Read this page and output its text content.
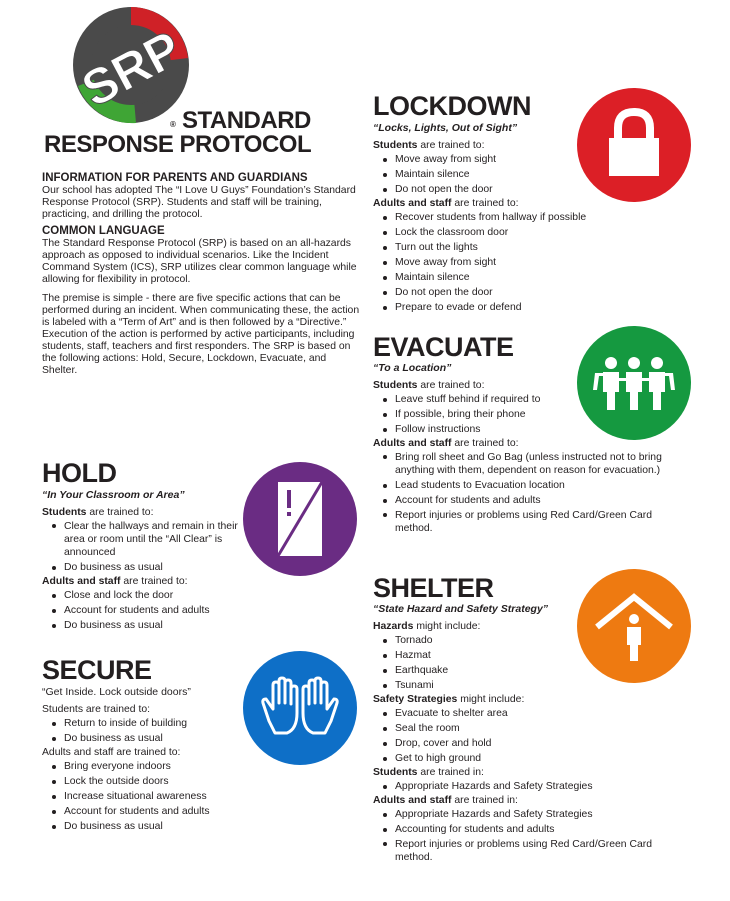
SRP
® STANDARD
RESPONSE PROTOCOL

INFORMATION FOR PARENTS AND GUARDIANS

Our school has adopted The “I Love U Guys” Foundation’s Standard Response Protocol (SRP). Students and staff will be training, practicing, and drilling the protocol.

COMMON LANGUAGE

The Standard Response Protocol (SRP) is based on an all-hazards approach as opposed to individual scenarios. Like the Incident Command System (ICS), SRP utilizes clear common language while allowing for flexibility in protocol.

The premise is simple - there are five specific actions that can be performed during an incident. When communicating these, the action is labeled with a “Term of Art” and is then followed by a “Directive.” Execution of the action is performed by active participants, including students, staff, teachers and first responders. The SRP is based on the following actions: Hold, Secure, Lockdown, Evacuate, and Shelter.

HOLD
“In Your Classroom or Area”

Students are trained to:

Clear the hallways and remain in their area or room until the “All Clear” is announced
Do business as usual

Adults and staff are trained to:

Close and lock the door
Account for students and adults
Do business as usual
SECURE
“Get Inside. Lock outside doors”

Students are trained to:

Return to inside of building
Do business as usual

Adults and staff are trained to:

Bring everyone indoors
Lock the outside doors
Increase situational awareness
Account for students and adults
Do business as usual
LOCKDOWN
“Locks, Lights, Out of Sight”

Students are trained to:

Move away from sight
Maintain silence
Do not open the door

Adults and staff are trained to:

Recover students from hallway if possible
Lock the classroom door
Turn out the lights
Move away from sight
Maintain silence
Do not open the door
Prepare to evade or defend
EVACUATE
“To a Location”

Students are trained to:

Leave stuff behind if required to
If possible, bring their phone
Follow instructions

Adults and staff are trained to:

Bring roll sheet and Go Bag (unless instructed not to bring anything with them, dependent on reason for evacuation.)
Lead students to Evacuation location
Account for students and adults
Report injuries or problems using Red Card/Green Card method.
SHELTER
“State Hazard and Safety Strategy”

Hazards might include:

Tornado
Hazmat
Earthquake
Tsunami

Safety Strategies might include:

Evacuate to shelter area
Seal the room
Drop, cover and hold
Get to high ground

Students are trained in:

Appropriate Hazards and Safety Strategies

Adults and staff are trained in:

Appropriate Hazards and Safety Strategies
Accounting for students and adults
Report injuries or problems using Red Card/Green Card method.
